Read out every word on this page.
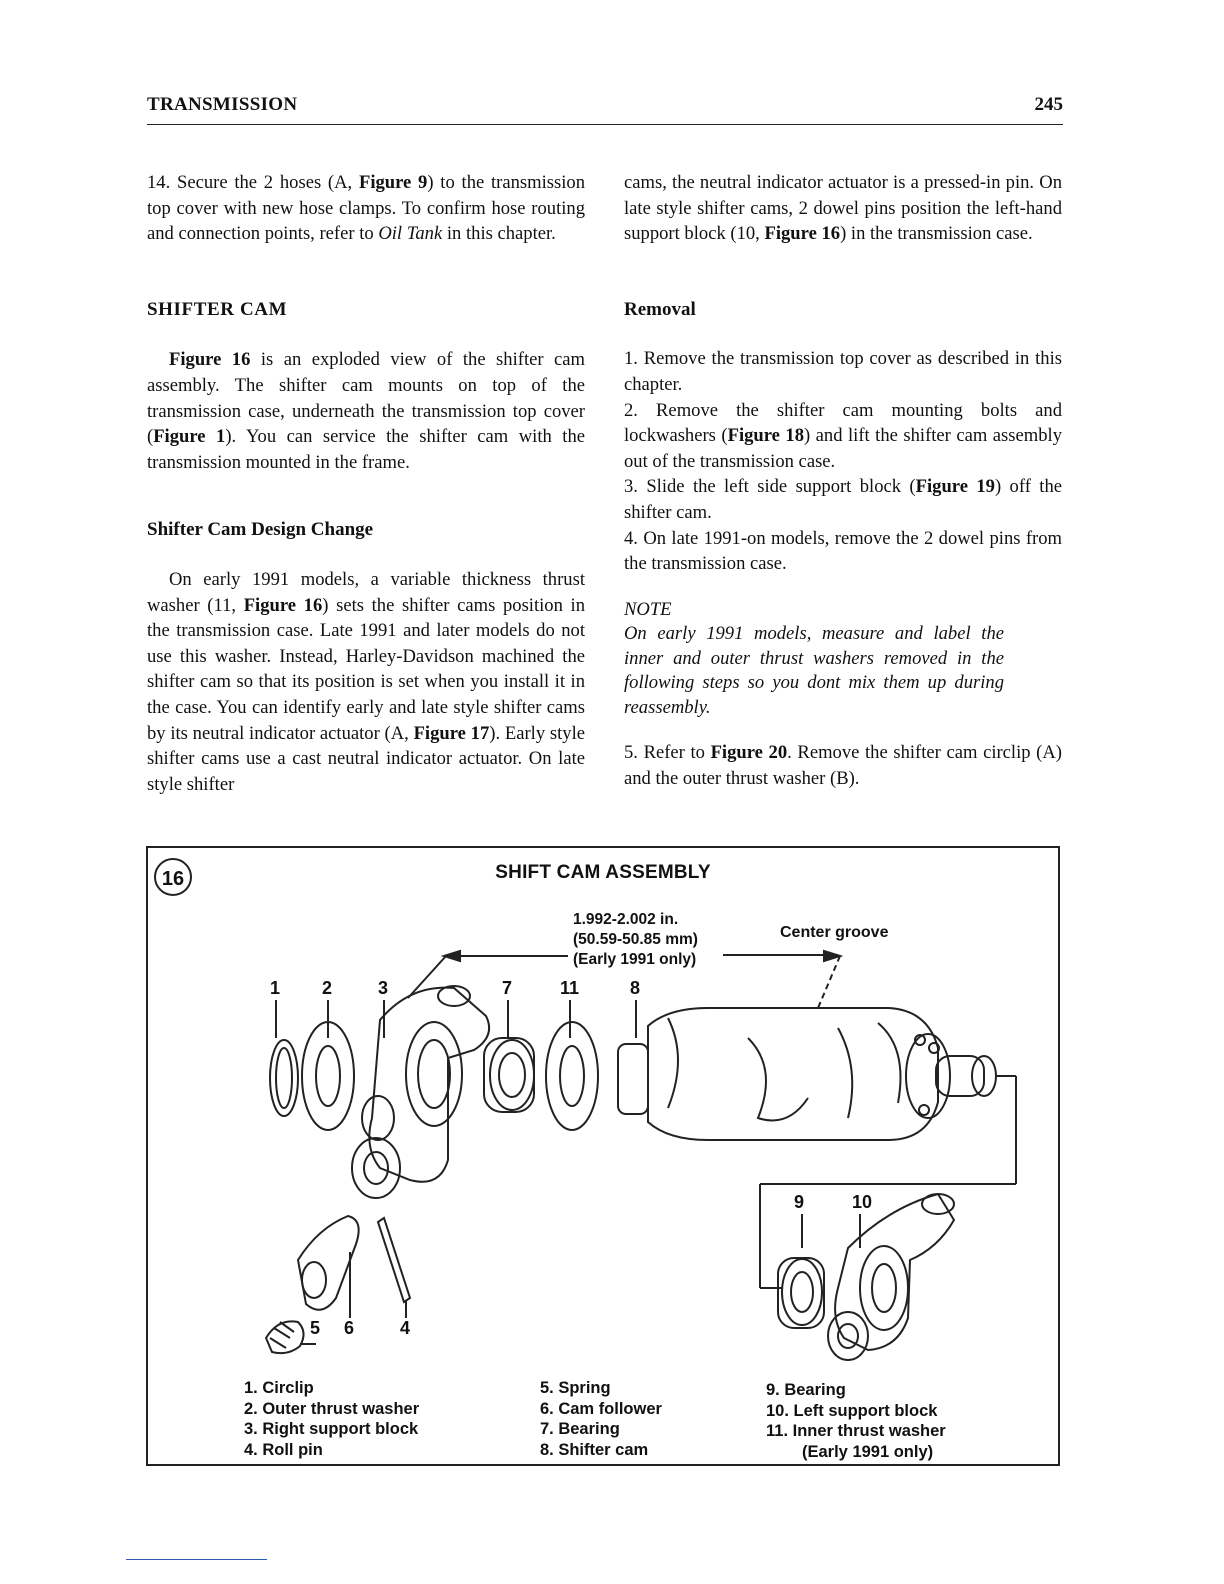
TRANSMISSION	245

14. Secure the 2 hoses (A, Figure 9) to the transmission top cover with new hose clamps. To confirm hose routing and connection points, refer to Oil Tank in this chapter.

SHIFTER CAM

Figure 16 is an exploded view of the shifter cam assembly. The shifter cam mounts on top of the transmission case, underneath the transmission top cover (Figure 1). You can service the shifter cam with the transmission mounted in the frame.

Shifter Cam Design Change

On early 1991 models, a variable thickness thrust washer (11, Figure 16) sets the shifter cams position in the transmission case. Late 1991 and later models do not use this washer. Instead, Harley-Davidson machined the shifter cam so that its position is set when you install it in the case. You can identify early and late style shifter cams by its neutral indicator actuator (A, Figure 17). Early style shifter cams use a cast neutral indicator actuator. On late style shifter

cams, the neutral indicator actuator is a pressed-in pin. On late style shifter cams, 2 dowel pins position the left-hand support block (10, Figure 16) in the transmission case.

Removal

1. Remove the transmission top cover as described in this chapter.

2. Remove the shifter cam mounting bolts and lockwashers (Figure 18) and lift the shifter cam assembly out of the transmission case.

3. Slide the left side support block (Figure 19) off the shifter cam.

4. On late 1991-on models, remove the 2 dowel pins from the transmission case.

NOTE

On early 1991 models, measure and label the inner and outer thrust washers removed in the following steps so you dont mix them up during reassembly.

5. Refer to Figure 20. Remove the shifter cam circlip (A) and the outer thrust washer (B).

16	SHIFT CAM ASSEMBLY
1.992-2.002 in.
(50.59-50.85 mm)
(Early 1991 only)
Center groove
1 2	3	7	11	8
5 6	4
9	10
1. Circlip
2. Outer thrust washer
3. Right support block
4. Roll pin
5. Spring
6. Cam follower
7. Bearing
8. Shifter cam
9. Bearing
10. Left support block
11. Inner thrust washer
(Early 1991 only)
